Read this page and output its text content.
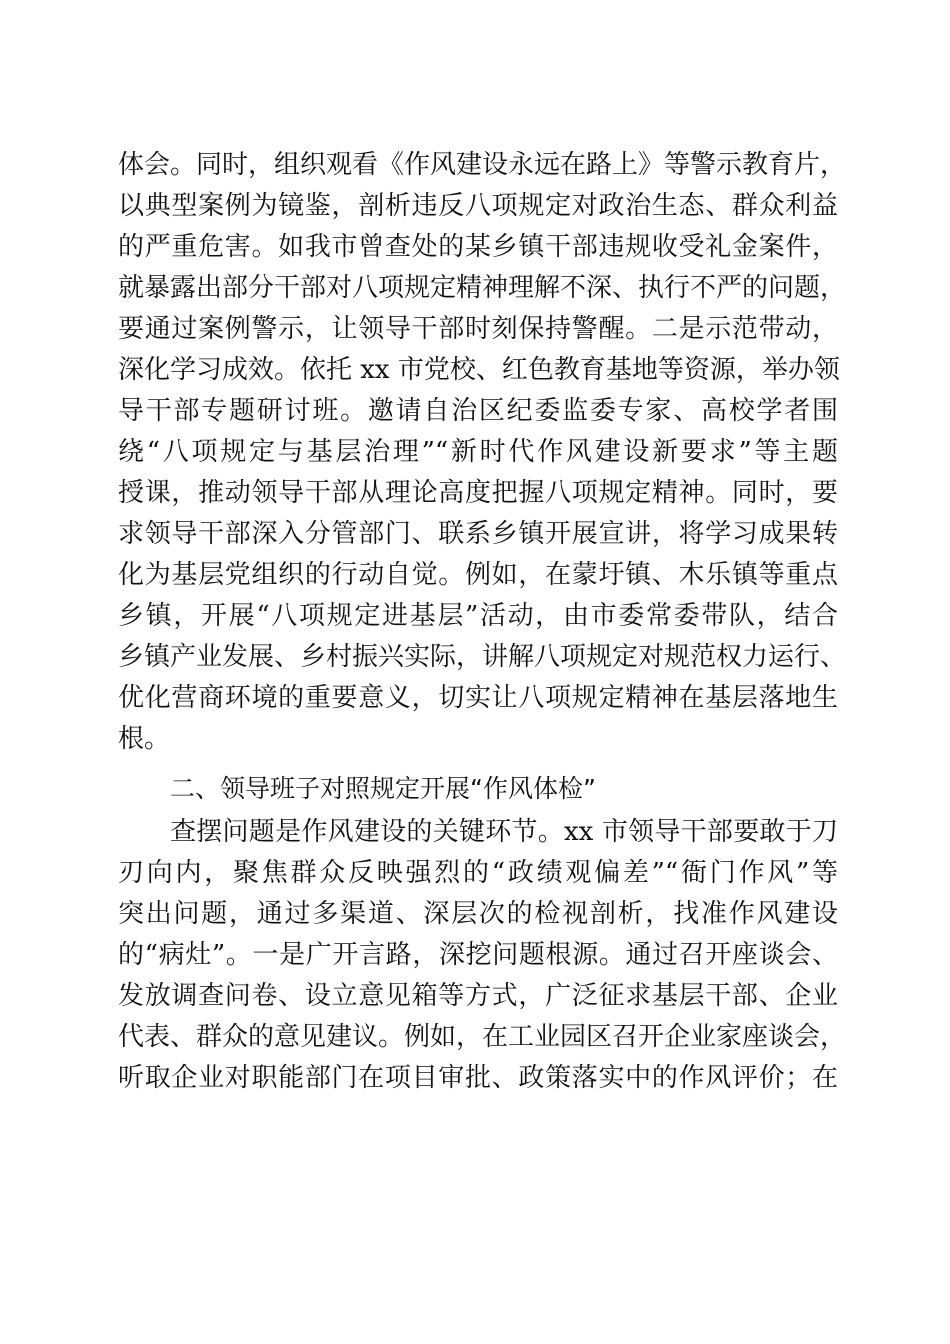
体会。同时，组织观看《作风建设永远在路上》等警示教育片，
以典型案例为镜鉴，剖析违反八项规定对政治生态、群众利益
的严重危害。如我市曾查处的某乡镇干部违规收受礼金案件，
就暴露出部分干部对八项规定精神理解不深、执行不严的问题，
要通过案例警示，让领导干部时刻保持警醒。二是示范带动，
深化学习成效。依托 xx 市党校、红色教育基地等资源，举办领
导干部专题研讨班。邀请自治区纪委监委专家、高校学者围
绕“八项规定与基层治理”“新时代作风建设新要求”等主题
授课，推动领导干部从理论高度把握八项规定精神。同时，要
求领导干部深入分管部门、联系乡镇开展宣讲，将学习成果转
化为基层党组织的行动自觉。例如，在蒙圩镇、木乐镇等重点
乡镇，开展“八项规定进基层”活动，由市委常委带队，结合
乡镇产业发展、乡村振兴实际，讲解八项规定对规范权力运行、
优化营商环境的重要意义，切实让八项规定精神在基层落地生
根。
二、领导班子对照规定开展“作风体检”
查摆问题是作风建设的关键环节。xx 市领导干部要敢于刀
刃向内，聚焦群众反映强烈的“政绩观偏差”“衙门作风”等
突出问题，通过多渠道、深层次的检视剖析，找准作风建设
的“病灶”。一是广开言路，深挖问题根源。通过召开座谈会、
发放调查问卷、设立意见箱等方式，广泛征求基层干部、企业
代表、群众的意见建议。例如，在工业园区召开企业家座谈会，
听取企业对职能部门在项目审批、政策落实中的作风评价；在
